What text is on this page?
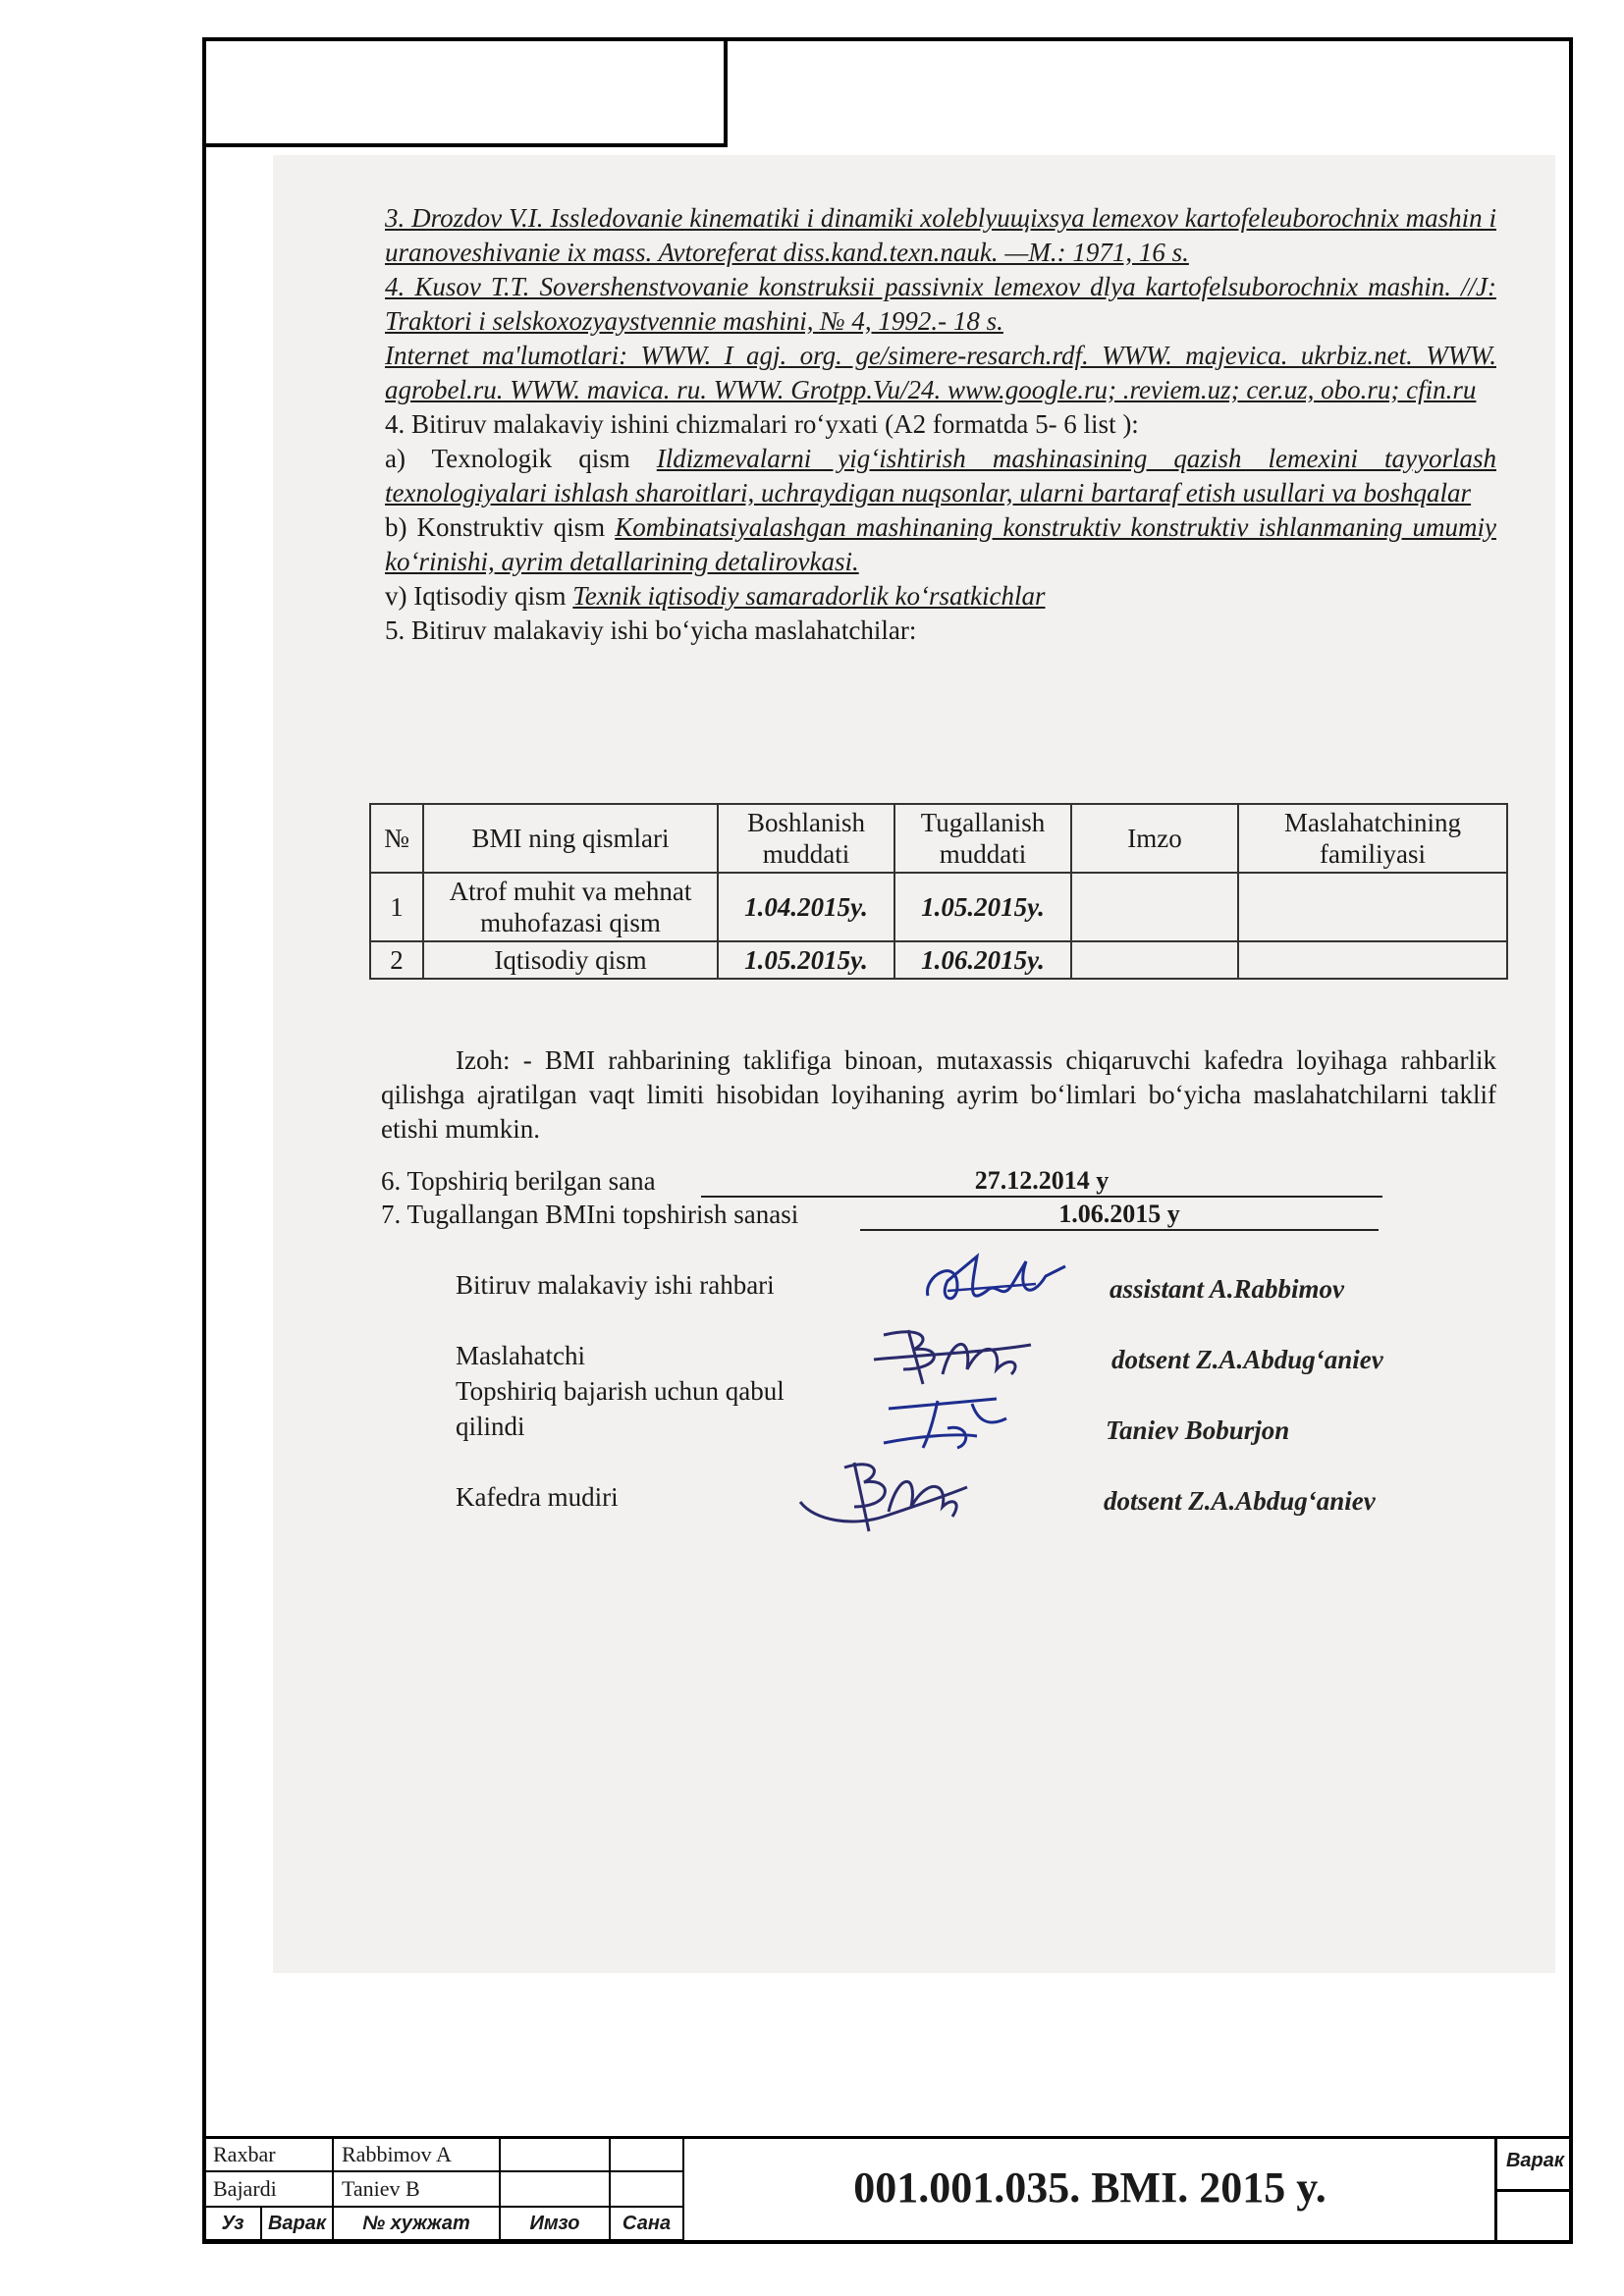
3. Drozdov V.I. Issledovanie kinematiki i dinamiki xoleblyuщixsya lemexov kartofeleuborochnix mashin i uranoveshivanie ix mass. Avtoreferat diss.kand.texn.nauk. —M.: 1971, 16 s.

4. Kusov T.T. Sovershenstvovanie konstruksii passivnix lemexov dlya kartofelsuborochnix mashin. //J: Traktori i selskoxozyaystvennie mashini, № 4, 1992.- 18 s.

Internet ma'lumotlari: WWW. I agj. org. ge/simere-resarch.rdf. WWW. majevica. ukrbiz.net. WWW. agrobel.ru. WWW. mavica. ru. WWW. Grotpp.Vu/24. www.google.ru; .reviem.uz; cer.uz, obo.ru; cfin.ru

4. Bitiruv malakaviy ishini chizmalari ro‘yxati (A2 formatda 5- 6 list ):

a) Texnologik qism Ildizmevalarni yig‘ishtirish mashinasining qazish lemexini tayyorlash texnologiyalari ishlash sharoitlari, uchraydigan nuqsonlar, ularni bartaraf etish usullari va boshqalar

b) Konstruktiv qism Kombinatsiyalashgan mashinaning konstruktiv konstruktiv ishlanmaning umumiy ko‘rinishi, ayrim detallarining detalirovkasi.

v) Iqtisodiy qism Texnik iqtisodiy samaradorlik ko‘rsatkichlar

5. Bitiruv malakaviy ishi bo‘yicha maslahatchilar:

№	BMI ning qismlari	Boshlanish muddati	Tugallanish muddati	Imzo	Maslahatchining familiyasi
1	Atrof muhit va mehnat muhofazasi qism	1.04.2015y.	1.05.2015y.		
2	Iqtisodiy qism	1.05.2015y.	1.06.2015y.		

Izoh: - BMI rahbarining taklifiga binoan, mutaxassis chiqaruvchi kafedra loyihaga rahbarlik qilishga ajratilgan vaqt limiti hisobidan loyihaning ayrim bo‘limlari bo‘yicha maslahatchilarni taklif etishi mumkin.

6. Topshiriq berilgan sana	27.12.2014 y
7. Tugallangan BMIni topshirish sanasi	1.06.2015 y
Bitiruv malakaviy ishi rahbari	assistant A.Rabbimov
Maslahatchi	dotsent Z.A.Abdug‘aniev
Topshiriq bajarish uchun qabul
qilindi	Taniev Boburjon
Kafedra mudiri	dotsent Z.A.Abdug‘aniev
Raxbar	Rabbimov A
Bajardi	Taniev B
Уз	Варак	№ хужжат	Имзо	Сана
001.001.035. BMI. 2015 y.
Варак
